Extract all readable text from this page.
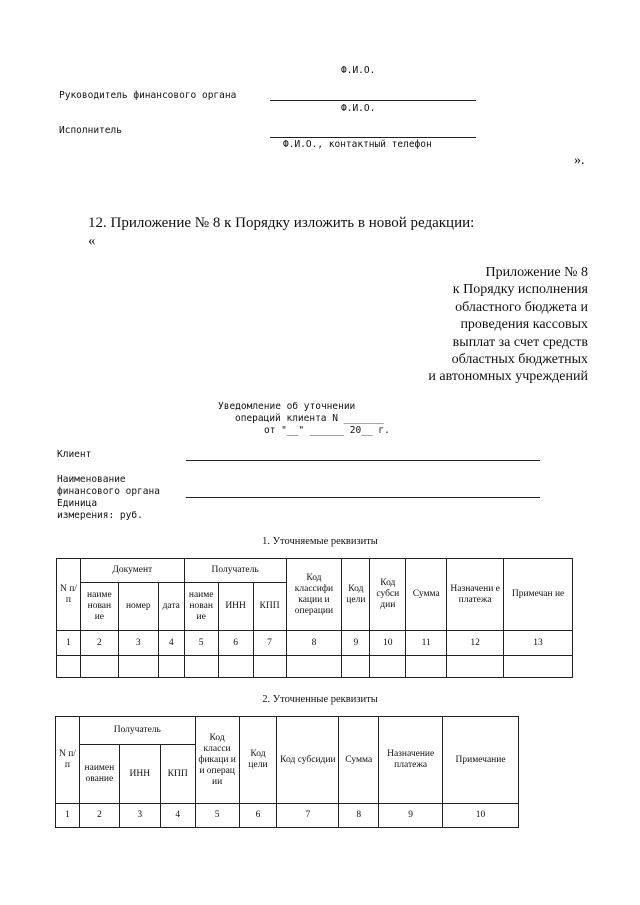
Ф.И.О.
Руководитель финансового органа
Ф.И.О.
Исполнитель
Ф.И.О., контактный телефон
».
12. Приложение № 8 к Порядку изложить в новой редакции:
«
Приложение № 8
к Порядку исполнения
областного бюджета и
проведения кассовых
выплат за счет средств
областных бюджетных
и автономных учреждений
Уведомление об уточнении
операций клиента N _______
от "__" ______ 20__ г.
Клиент
Наименование
финансового органа
Единица
измерения: руб.
1. Уточняемые реквизиты
N п/п	Документ			Получатель			Код классифи кации и операции	Код цели	Код субси дии	Сумма	Назначени е платежа	Примечан ие
	наиме нован ие	номер	дата	наиме нован ие	ИНН	КПП						
1	2	3	4	5	6	7	8	9	10	11	12	13

2. Уточненные реквизиты
N п/п	Получатель			Код класси фикаци и и операц ии	Код цели	Код субсидии	Сумма	Назначение платежа	Примечание
	наимен ование	ИНН	КПП						
1	2	3	4	5	6	7	8	9	10
